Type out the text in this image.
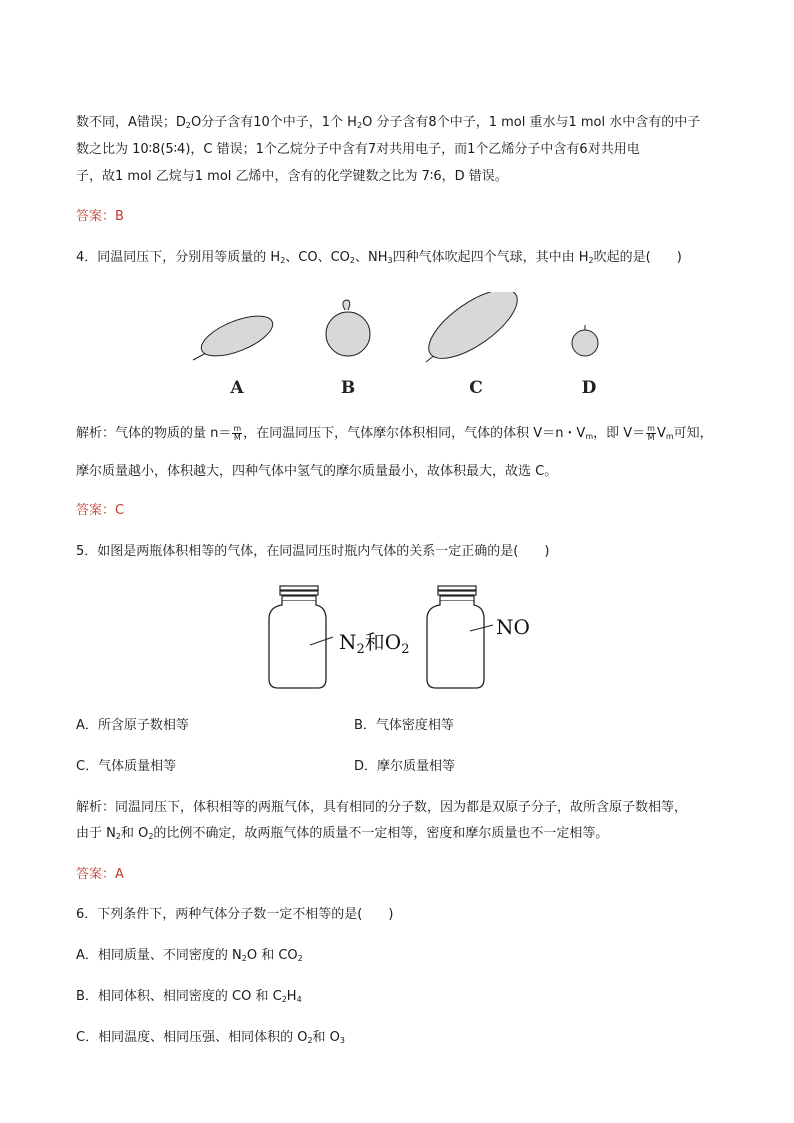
数不同，A错误；$D_2O$分子含有10个中子，1个 $H_2O$ 分子含有8个中子，1 mol 重水与1 mol 水中含有的中子
数之比为 10∶8(5∶4)，C 错误；1个乙烷分子中含有7对共用电子，而1个乙烯分子中含有6对共用电
子，故1 mol 乙烷与1 mol 乙烯中，含有的化学键数之比为 7∶6，D 错误。
答案：B
4．同温同压下，分别用等质量的 $H_2$、CO、$CO_2$、$NH_3$四种气体吹起四个气球，其中由 $H_2$吹起的是(　　)
A	B	C	D
解析：气体的物质的量 $n= \frac{m}{M}$ ，在同温同压下，气体摩尔体积相同，气体的体积 V＝n・$V_m$，即 $V= \frac{m}{M} V_m$可知，
摩尔质量越小，体积越大，四种气体中氢气的摩尔质量最小，故体积最大，故选 C。
答案：C
5．如图是两瓶体积相等的气体，在同温同压时瓶内气体的关系一定正确的是(　　)
$N_2$和$O_2$
NO
A．所含原子数相等	B．气体密度相等
C．气体质量相等	D．摩尔质量相等
解析：同温同压下，体积相等的两瓶气体，具有相同的分子数，因为都是双原子分子，故所含原子数相等，
由于 $N_2$和 $O_2$的比例不确定，故两瓶气体的质量不一定相等，密度和摩尔质量也不一定相等。
答案：A
6．下列条件下，两种气体分子数一定不相等的是(　　)
A．相同质量、不同密度的 $N_2O$ 和 $CO_2$
B．相同体积、相同密度的 CO 和 $C_2H_4$
C．相同温度、相同压强、相同体积的 $O_2$和 $O_3$
